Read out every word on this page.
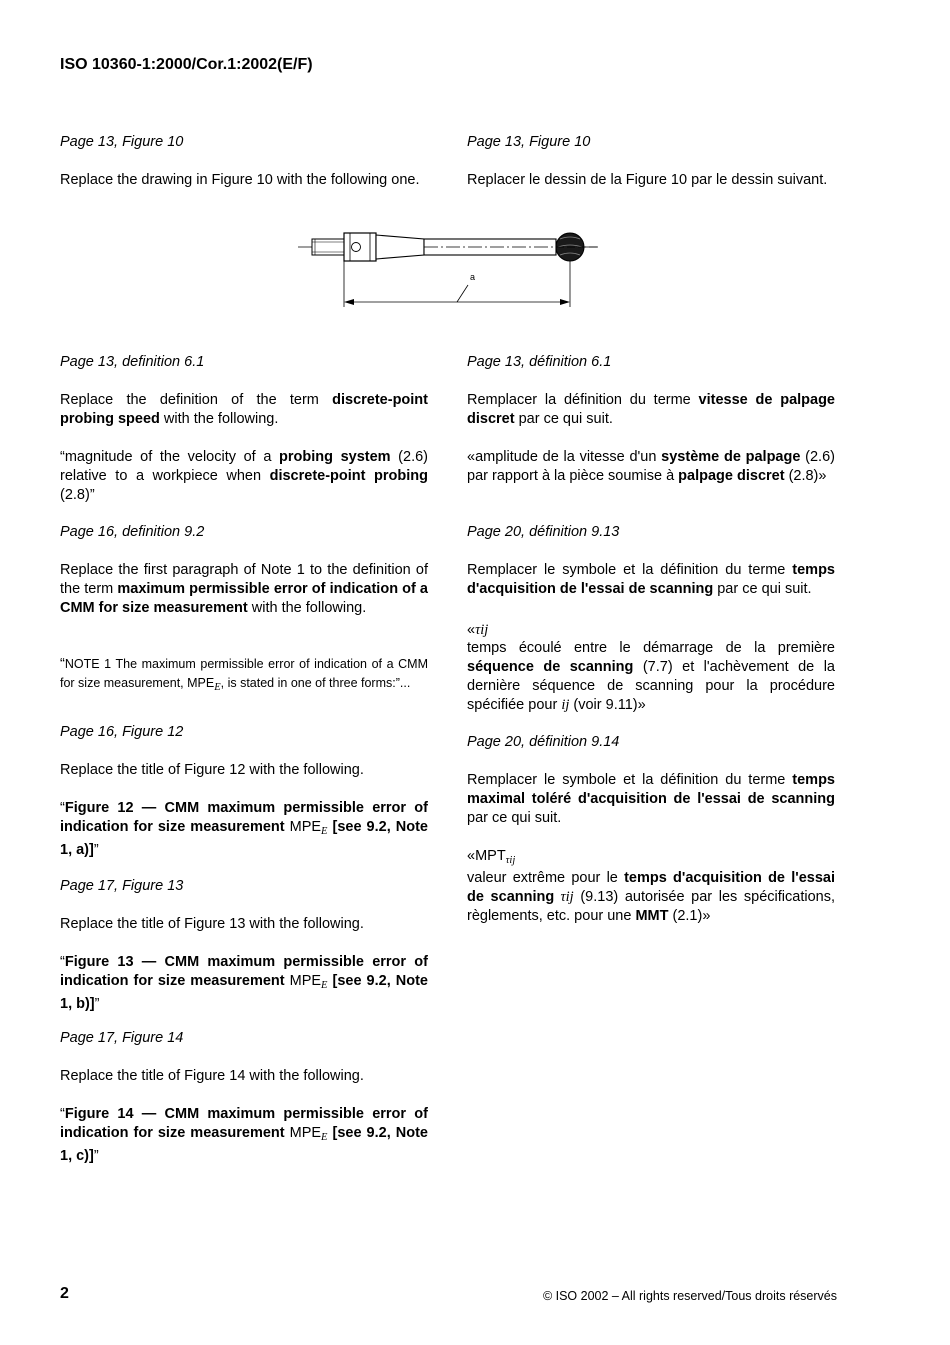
ISO 10360-1:2000/Cor.1:2002(E/F)

Page 13, Figure 10

Replace the drawing in Figure 10 with the following one.

Page 13, definition 6.1

Replace the definition of the term discrete-point probing speed with the following.

“magnitude of the velocity of a probing system (2.6) relative to a workpiece when discrete-point probing (2.8)”

Page 16, definition 9.2

Replace the first paragraph of Note 1 to the definition of the term maximum permissible error of indication of a CMM for size measurement with the following.

“NOTE 1 The maximum permissible error of indication of a CMM for size measurement, $MPE_E$, is stated in one of three forms:”...

Page 16, Figure 12

Replace the title of Figure 12 with the following.

“Figure 12 — CMM maximum permissible error of indication for size measurement $MPE_E$ [see 9.2, Note 1, a)]”

Page 17, Figure 13

Replace the title of Figure 13 with the following.

“Figure 13 — CMM maximum permissible error of indication for size measurement $MPE_E$ [see 9.2, Note 1, b)]”

Page 17, Figure 14

Replace the title of Figure 14 with the following.

“Figure 14 — CMM maximum permissible error of indication for size measurement $MPE_E$ [see 9.2, Note 1, c)]”

Page 13, Figure 10

Replacer le dessin de la Figure 10 par le dessin suivant.

Page 13, définition 6.1

Remplacer la définition du terme vitesse de palpage discret par ce qui suit.

«amplitude de la vitesse d'un système de palpage (2.6) par rapport à la pièce soumise à palpage discret (2.8)»

Page 20, définition 9.13

Remplacer le symbole et la définition du terme temps d'acquisition de l'essai de scanning par ce qui suit.

«τij

temps écoulé entre le démarrage de la première séquence de scanning (7.7) et l'achèvement de la dernière séquence de scanning pour la procédure spécifiée pour ij (voir 9.11)»

Page 20, définition 9.14

Remplacer le symbole et la définition du terme temps maximal toléré d'acquisition de l'essai de scanning par ce qui suit.

«$MPT_{\tau ij}$

valeur extrême pour le temps d'acquisition de l'essai de scanning τij (9.13) autorisée par les spécifications, règlements, etc. pour une MMT (2.1)»

a
2	© ISO 2002 – All rights reserved/Tous droits réservés
